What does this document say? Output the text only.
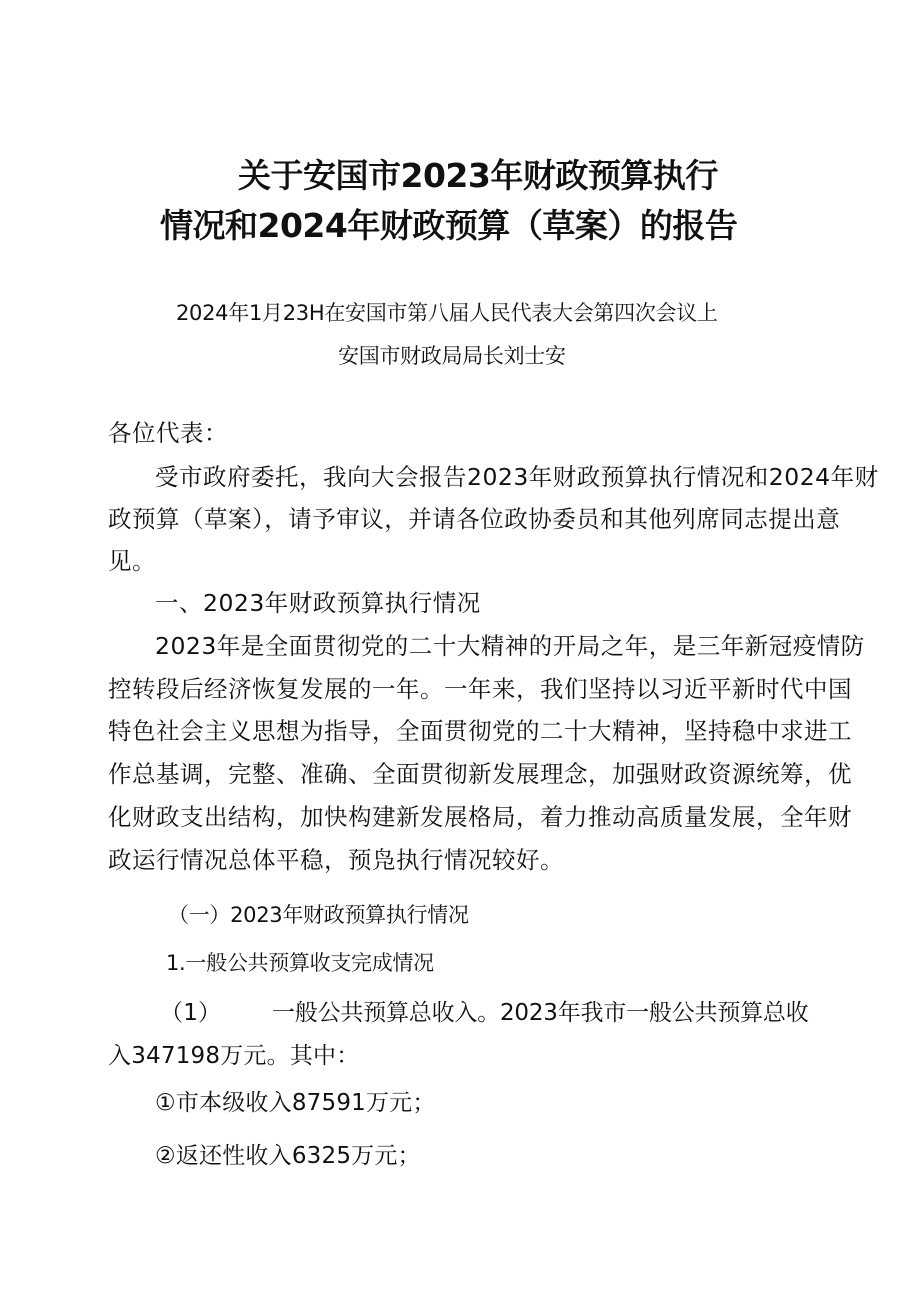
关于安国市2023年财政预算执行
情况和2024年财政预算（草案）的报告

2024年1月23H在安国市第八届人民代表大会第四次会议上

安国市财政局局长刘士安

各位代表：

受市政府委托，我向大会报告2023年财政预算执行情况和2024年财

政预算（草案），请予审议，并请各位政协委员和其他列席同志提出意

见。

一、2023年财政预算执行情况

2023年是全面贯彻党的二十大精神的开局之年，是三年新冠疫情防

控转段后经济恢复发展的一年。一年来，我们坚持以习近平新时代中国

特色社会主义思想为指导，全面贯彻党的二十大精神，坚持稳中求进工

作总基调，完整、准确、全面贯彻新发展理念，加强财政资源统筹，优

化财政支出结构，加快构建新发展格局，着力推动高质量发展，全年财

政运行情况总体平稳，预凫执行情况较好。

（一）2023年财政预算执行情况

1.一般公共预算收支完成情况

（1） 一般公共预算总收入。2023年我市一般公共预算总收

入347198万元。其中：

①市本级收入87591万元；

②返还性收入6325万元；
